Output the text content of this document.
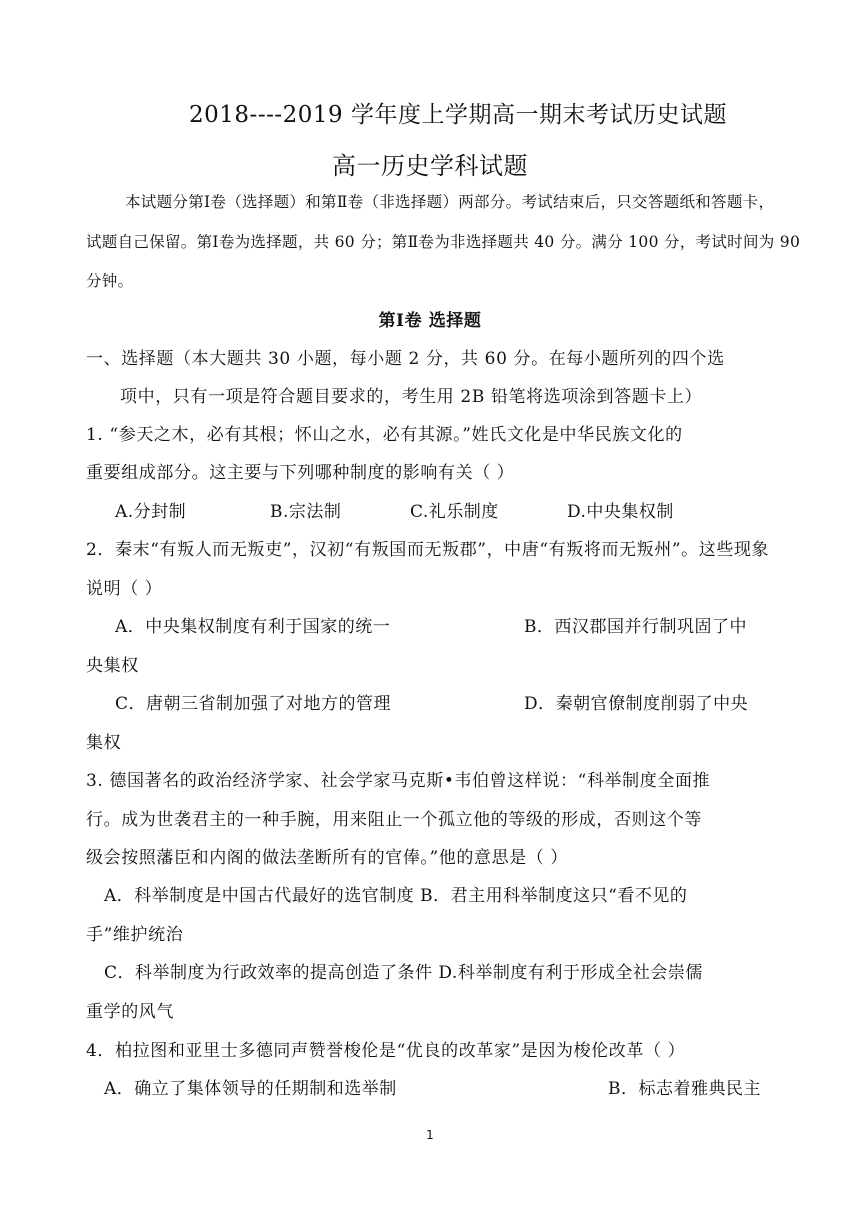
2018----2019 学年度上学期高一期末考试历史试题
高一历史学科试题
本试题分第Ⅰ卷（选择题）和第Ⅱ卷（非选择题）两部分。考试结束后，只交答题纸和答题卡，
试题自己保留。第Ⅰ卷为选择题，共 60 分；第Ⅱ卷为非选择题共 40 分。满分 100 分，考试时间为 90
分钟。
第Ⅰ卷 选择题
一、选择题（本大题共 30 小题，每小题 2 分，共 60 分。在每小题所列的四个选
项中，只有一项是符合题目要求的，考生用 2B 铅笔将选项涂到答题卡上）
1. “参天之木，必有其根；怀山之水，必有其源。”姓氏文化是中华民族文化的
重要组成部分。这主要与下列哪种制度的影响有关（ ）
A.分封制	B.宗法制	C.礼乐制度	D.中央集权制
2．秦末“有叛人而无叛吏”，汉初“有叛国而无叛郡”，中唐“有叛将而无叛州”。这些现象
说明（ ）
A．中央集权制度有利于国家的统一	B．西汉郡国并行制巩固了中
央集权
C．唐朝三省制加强了对地方的管理	D．秦朝官僚制度削弱了中央
集权
3. 德国著名的政治经济学家、社会学家马克斯•韦伯曾这样说：“科举制度全面推
行。成为世袭君主的一种手腕，用来阻止一个孤立他的等级的形成，否则这个等
级会按照藩臣和内阁的做法垄断所有的官俸。”他的意思是（ ）
A．科举制度是中国古代最好的选官制度 B．君主用科举制度这只“看不见的
手”维护统治
C．科举制度为行政效率的提高创造了条件 D.科举制度有利于形成全社会崇儒
重学的风气
4．柏拉图和亚里士多德同声赞誉梭伦是“优良的改革家”是因为梭伦改革（ ）
A．确立了集体领导的任期制和选举制	B．标志着雅典民主
1
